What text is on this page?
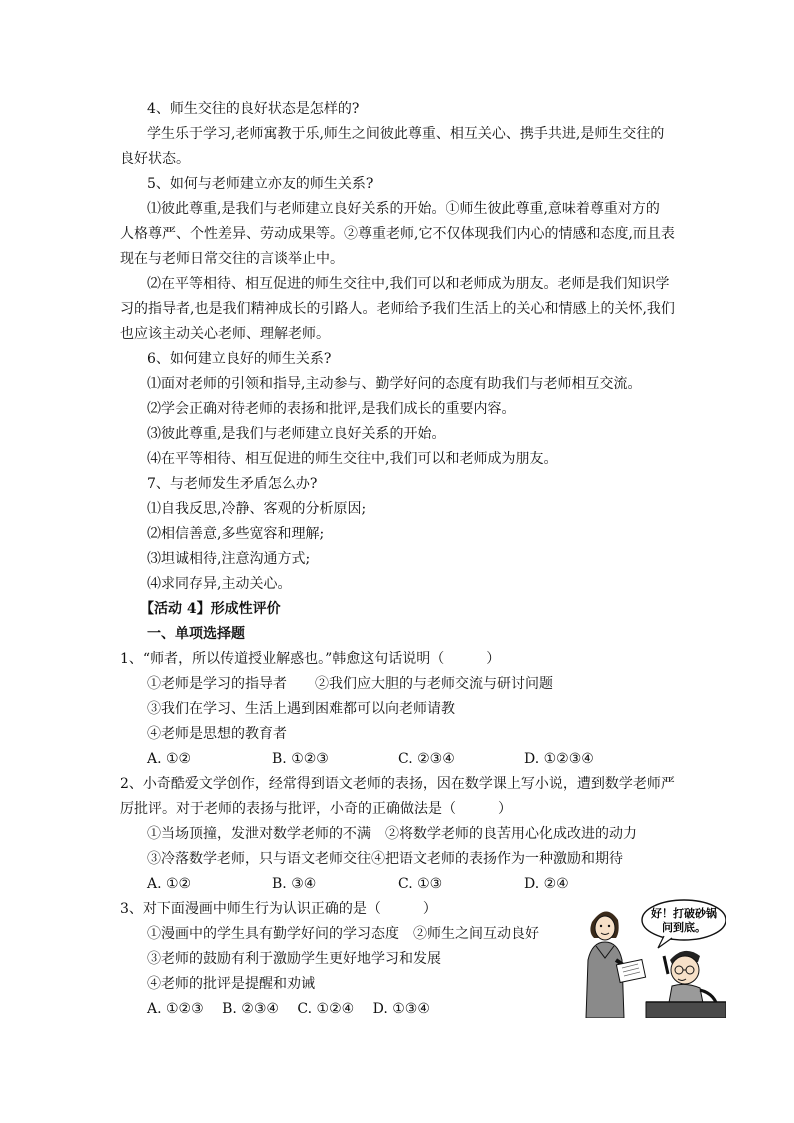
4、师生交往的良好状态是怎样的?
学生乐于学习,老师寓教于乐,师生之间彼此尊重、相互关心、携手共进,是师生交往的
良好状态。
5、如何与老师建立亦友的师生关系?
⑴彼此尊重,是我们与老师建立良好关系的开始。①师生彼此尊重,意味着尊重对方的
人格尊严、个性差异、劳动成果等。②尊重老师,它不仅体现我们内心的情感和态度,而且表
现在与老师日常交往的言谈举止中。
⑵在平等相待、相互促进的师生交往中,我们可以和老师成为朋友。老师是我们知识学
习的指导者,也是我们精神成长的引路人。老师给予我们生活上的关心和情感上的关怀,我们
也应该主动关心老师、理解老师。
6、如何建立良好的师生关系?
⑴面对老师的引领和指导,主动参与、勤学好问的态度有助我们与老师相互交流。
⑵学会正确对待老师的表扬和批评,是我们成长的重要内容。
⑶彼此尊重,是我们与老师建立良好关系的开始。
⑷在平等相待、相互促进的师生交往中,我们可以和老师成为朋友。
7、与老师发生矛盾怎么办?
⑴自我反思,冷静、客观的分析原因;
⑵相信善意,多些宽容和理解;
⑶坦诚相待,注意沟通方式;
⑷求同存异,主动关心。
【活动 4】形成性评价
一、单项选择题
1、“师者，所以传道授业解惑也。”韩愈这句话说明（　　　）
①老师是学习的指导者　　②我们应大胆的与老师交流与研讨问题
③我们在学习、生活上遇到困难都可以向老师请教
④老师是思想的教育者
A. ①②	B. ①②③	C. ②③④	D. ①②③④
2、小奇酷爱文学创作，经常得到语文老师的表扬，因在数学课上写小说，遭到数学老师严
厉批评。对于老师的表扬与批评，小奇的正确做法是（　　　）
①当场顶撞，发泄对数学老师的不满　②将数学老师的良苦用心化成改进的动力
③冷落数学老师，只与语文老师交往④把语文老师的表扬作为一种激励和期待
A. ①②	B. ③④	C. ①③	D. ②④
3、对下面漫画中师生行为认识正确的是（　　　）
①漫画中的学生具有勤学好问的学习态度　②师生之间互动良好
③老师的鼓励有利于激励学生更好地学习和发展
④老师的批评是提醒和劝诫
A. ①②③　 B. ②③④　 C. ①②④　 D. ①③④
好！打破砂锅
问到底。
